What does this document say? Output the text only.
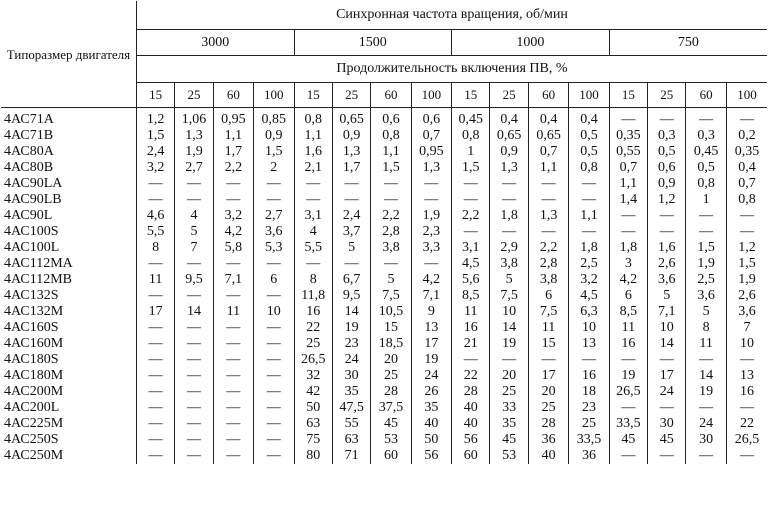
Типоразмер двигателя	Синхронная частота вращения, об/мин															
	3000				1500				1000				750			
	Продолжительность включения ПВ, %															
	15	25	60	100	15	25	60	100	15	25	60	100	15	25	60	100

4АС71А	1,2	1,06	0,95	0,85	0,8	0,65	0,6	0,6	0,45	0,4	0,4	0,4	—	—	—	—
4АС71В	1,5	1,3	1,1	0,9	1,1	0,9	0,8	0,7	0,8	0,65	0,65	0,5	0,35	0,3	0,3	0,2
4АС80А	2,4	1,9	1,7	1,5	1,6	1,3	1,1	0,95	1	0,9	0,7	0,5	0,55	0,5	0,45	0,35
4АС80В	3,2	2,7	2,2	2	2,1	1,7	1,5	1,3	1,5	1,3	1,1	0,8	0,7	0,6	0,5	0,4
4АС90LA	—	—	—	—	—	—	—	—	—	—	—	—	1,1	0,9	0,8	0,7
4АС90LB	—	—	—	—	—	—	—	—	—	—	—	—	1,4	1,2	1	0,8
4АС90L	4,6	4	3,2	2,7	3,1	2,4	2,2	1,9	2,2	1,8	1,3	1,1	—	—	—	—
4АС100S	5,5	5	4,2	3,6	4	3,7	2,8	2,3	—	—	—	—	—	—	—	—
4АС100L	8	7	5,8	5,3	5,5	5	3,8	3,3	3,1	2,9	2,2	1,8	1,8	1,6	1,5	1,2
4АС112МА	—	—	—	—	—	—	—	—	4,5	3,8	2,8	2,5	3	2,6	1,9	1,5
4АС112МВ	11	9,5	7,1	6	8	6,7	5	4,2	5,6	5	3,8	3,2	4,2	3,6	2,5	1,9
4АС132S	—	—	—	—	11,8	9,5	7,5	7,1	8,5	7,5	6	4,5	6	5	3,6	2,6
4АС132М	17	14	11	10	16	14	10,5	9	11	10	7,5	6,3	8,5	7,1	5	3,6
4АС160S	—	—	—	—	22	19	15	13	16	14	11	10	11	10	8	7
4АС160М	—	—	—	—	25	23	18,5	17	21	19	15	13	16	14	11	10
4АС180S	—	—	—	—	26,5	24	20	19	—	—	—	—	—	—	—	—
4АС180М	—	—	—	—	32	30	25	24	22	20	17	16	19	17	14	13
4АС200М	—	—	—	—	42	35	28	26	28	25	20	18	26,5	24	19	16
4АС200L	—	—	—	—	50	47,5	37,5	35	40	33	25	23	—	—	—	—
4АС225М	—	—	—	—	63	55	45	40	40	35	28	25	33,5	30	24	22
4АС250S	—	—	—	—	75	63	53	50	56	45	36	33,5	45	45	30	26,5
4АС250М	—	—	—	—	80	71	60	56	60	53	40	36	—	—	—	—
